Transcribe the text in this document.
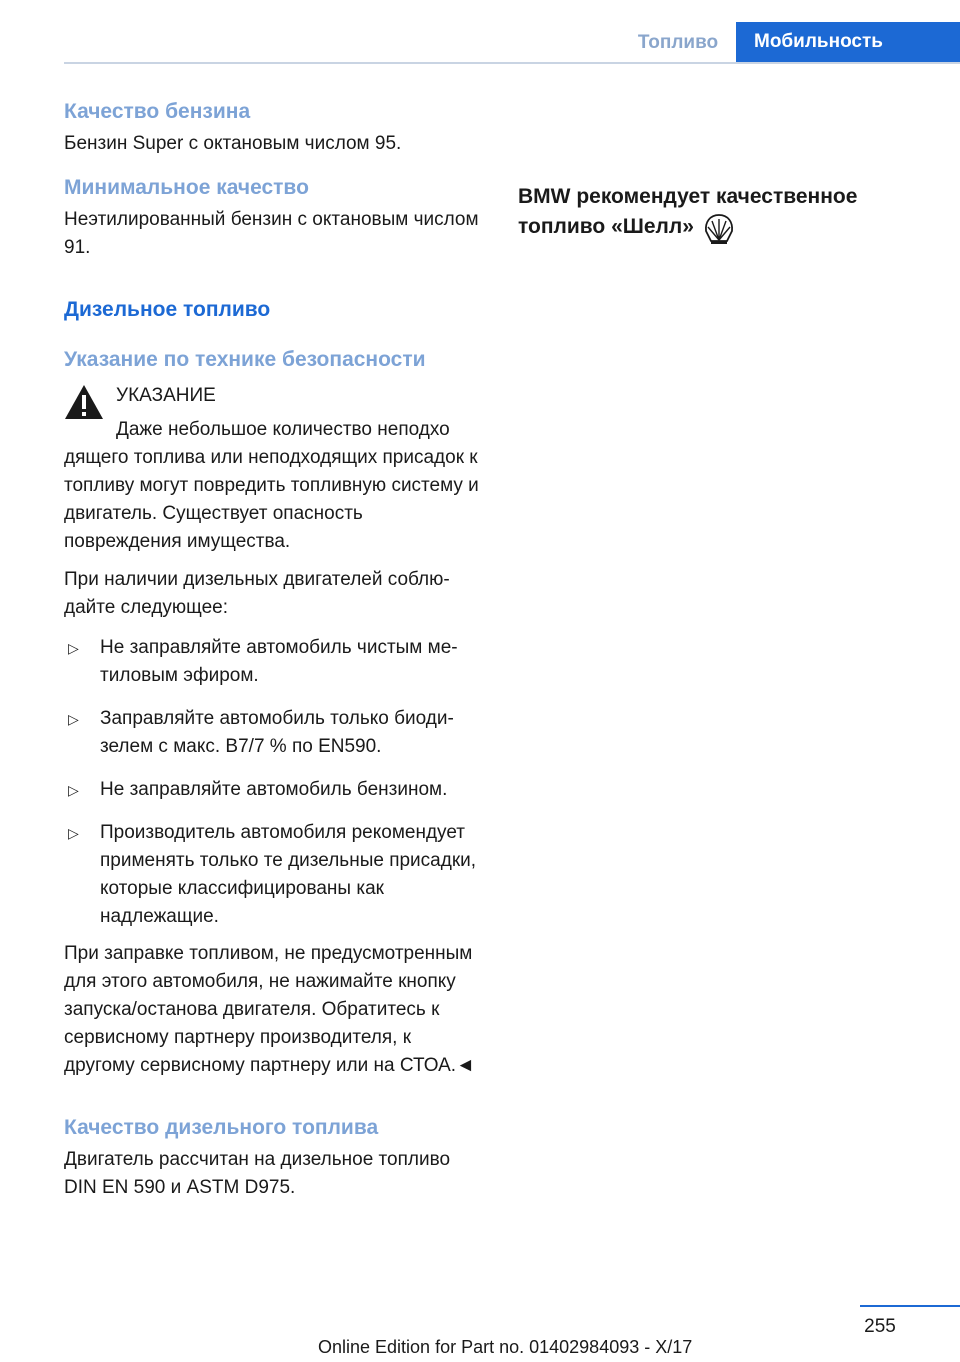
Топливо	Мобильность
Качество бензина

Бензин Super с октановым числом 95.

Минимальное качество

Неэтилированный бензин с октановым числом 91.

Дизельное топливо
Указание по технике безопасности
УКАЗАНИЕ
Даже небольшое количество неподхо

дящего топлива или неподходящих присадок к топливу могут повредить топливную систему и двигатель. Существует опасность повреждения имущества.

При наличии дизельных двигателей соблюдайте следующее:

▷ Не заправляйте автомобиль чистым метиловым эфиром.
▷ Заправляйте автомобиль только биодизелем с макс. B7/7 % по EN590.
▷ Не заправляйте автомобиль бензином.
▷ Производитель автомобиля рекомендует применять только те дизельные присадки, которые классифицированы как надлежащие.

При заправке топливом, не предусмотренным для этого автомобиля, не нажимайте кнопку запуска/останова двигателя. Обратитесь к сервисному партнеру производителя, к другому сервисному партнеру или на СТОА.◄

Качество дизельного топлива

Двигатель рассчитан на дизельное топливо DIN EN 590 и ASTM D975.

BMW рекомендует качественное топливо «Шелл»
255
Online Edition for Part no. 01402984093 - X/17
